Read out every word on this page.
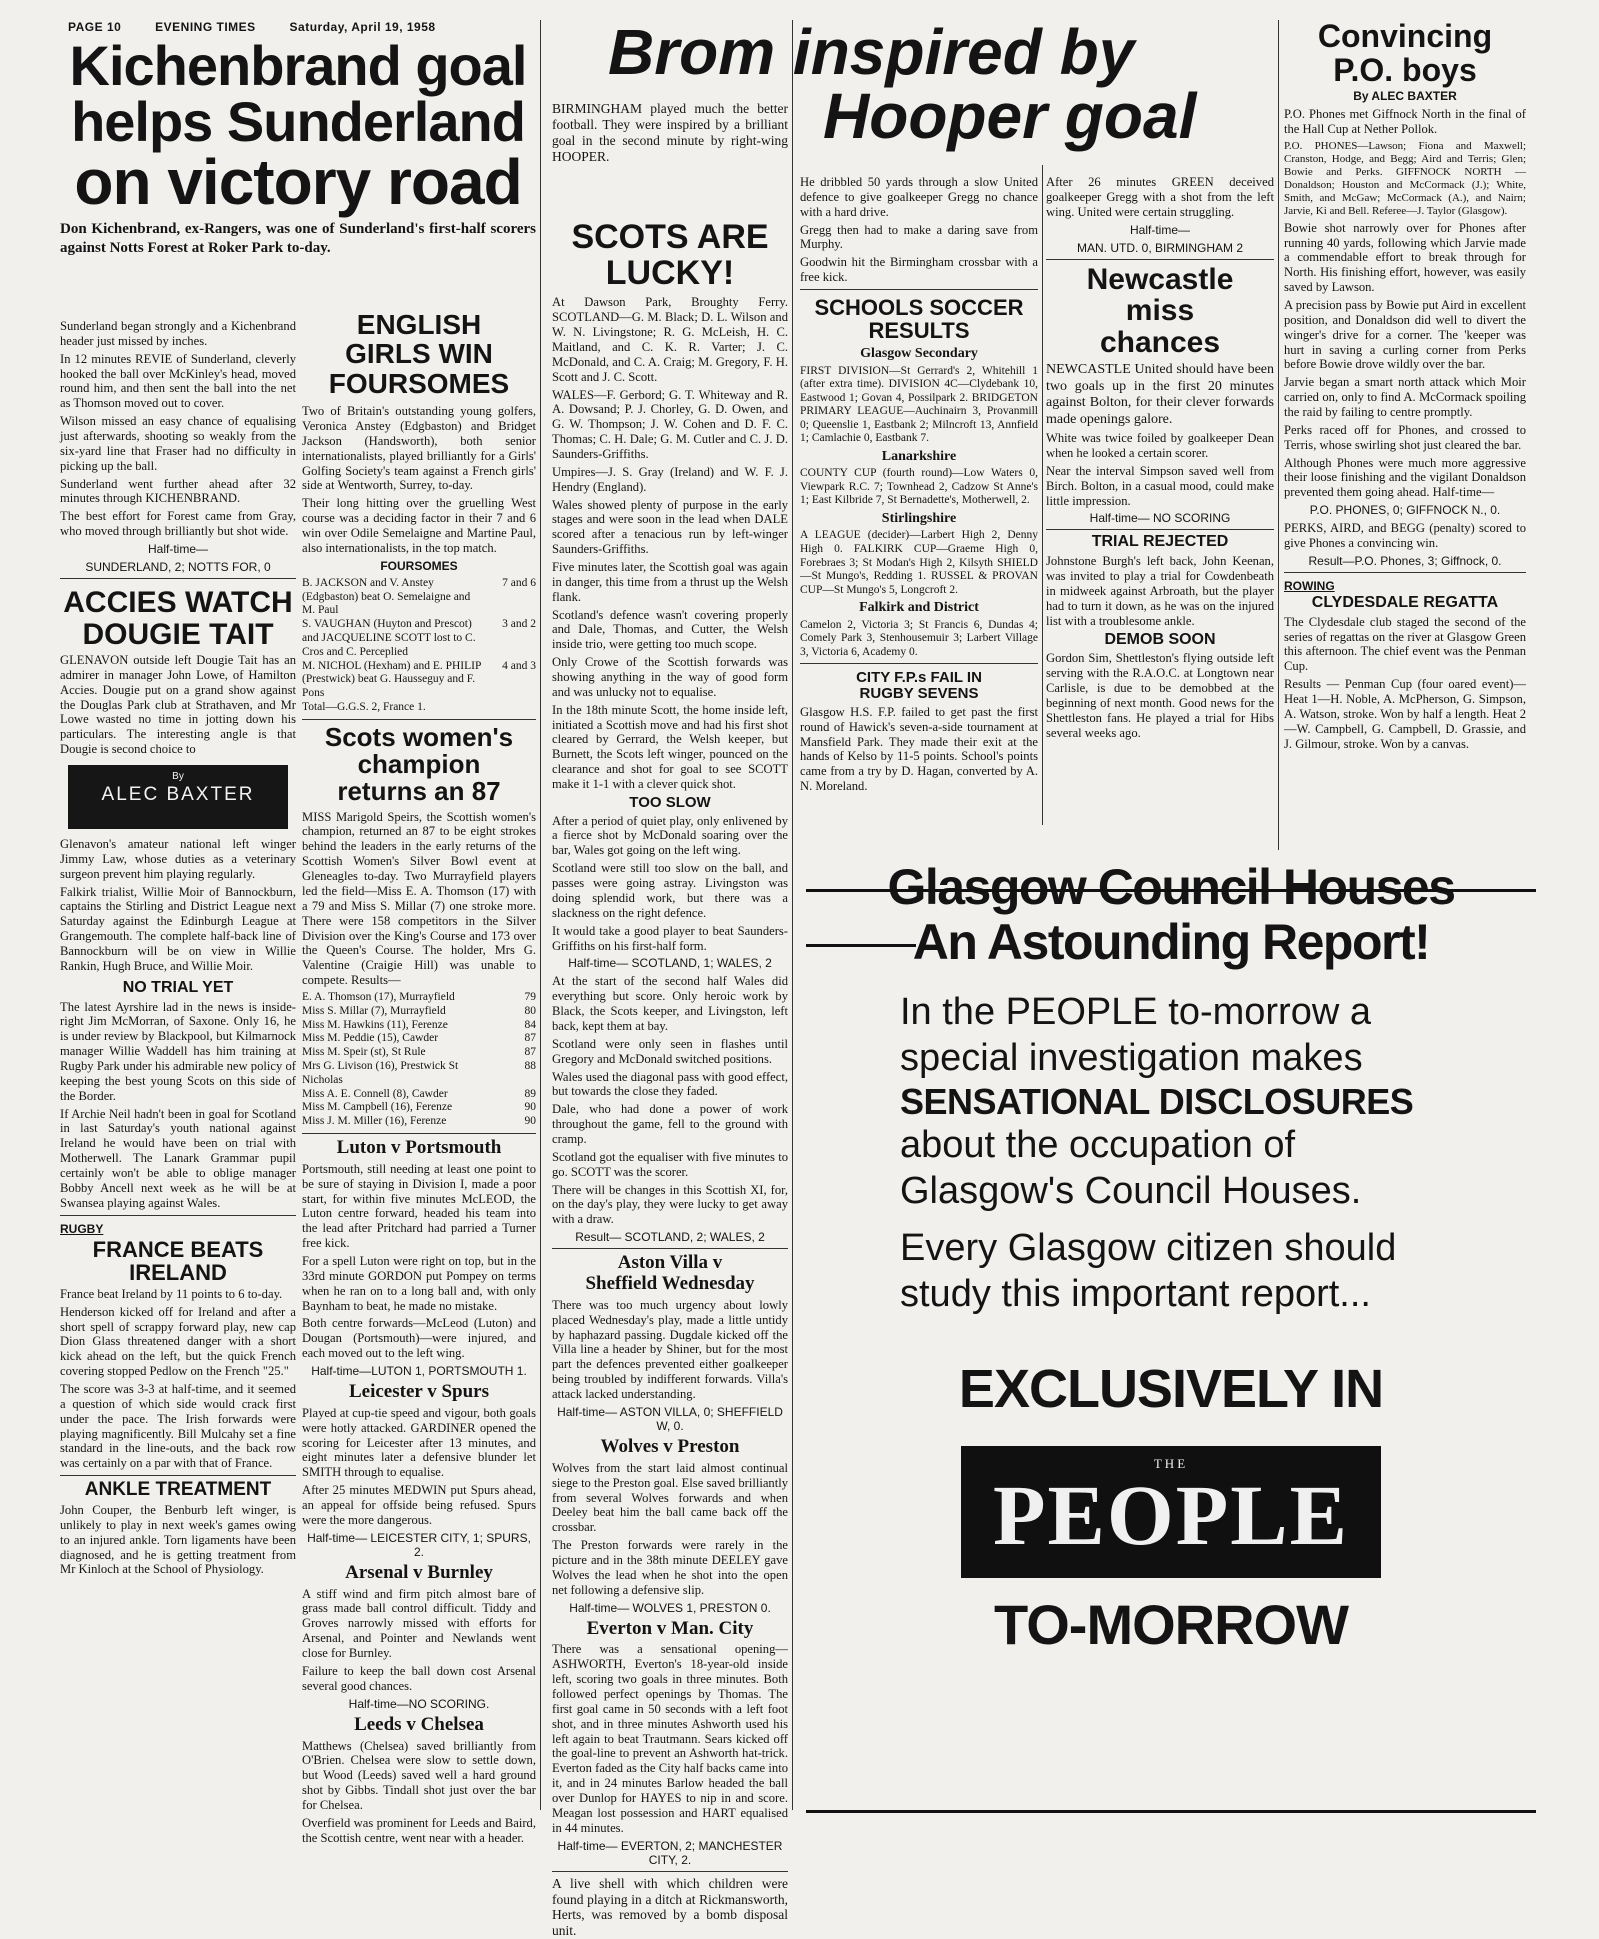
PAGE 10	EVENING TIMES	Saturday, April 19, 1958
Kichenbrand goal
helps Sunderland
on victory road
Don Kichenbrand, ex-Rangers, was one of Sunderland's first-half scorers against Notts Forest at Roker Park to-day.

Sunderland began strongly and a Kichenbrand header just missed by inches.

In 12 minutes REVIE of Sunderland, cleverly hooked the ball over McKinley's head, moved round him, and then sent the ball into the net as Thomson moved out to cover.

Wilson missed an easy chance of equalising just afterwards, shooting so weakly from the six-yard line that Fraser had no difficulty in picking up the ball.

Sunderland went further ahead after 32 minutes through KICHENBRAND.

The best effort for Forest came from Gray, who moved through brilliantly but shot wide.

Half-time—
SUNDERLAND, 2; NOTTS FOR, 0
ACCIES WATCH
DOUGIE TAIT

GLENAVON outside left Dougie Tait has an admirer in manager John Lowe, of Hamilton Accies. Dougie put on a grand show against the Douglas Park club at Strathaven, and Mr Lowe wasted no time in jotting down his particulars. The interesting angle is that Dougie is second choice to

By
ALEC BAXTER

Glenavon's amateur national left winger Jimmy Law, whose duties as a veterinary surgeon prevent him playing regularly.

Falkirk trialist, Willie Moir of Bannockburn, captains the Stirling and District League next Saturday against the Edinburgh League at Grangemouth. The complete half-back line of Bannockburn will be on view in Willie Rankin, Hugh Bruce, and Willie Moir.

NO TRIAL YET

The latest Ayrshire lad in the news is inside-right Jim McMorran, of Saxone. Only 16, he is under review by Blackpool, but Kilmarnock manager Willie Waddell has him training at Rugby Park under his admirable new policy of keeping the best young Scots on this side of the Border.

If Archie Neil hadn't been in goal for Scotland in last Saturday's youth national against Ireland he would have been on trial with Motherwell. The Lanark Grammar pupil certainly won't be able to oblige manager Bobby Ancell next week as he will be at Swansea playing against Wales.

RUGBY
FRANCE BEATS
IRELAND

France beat Ireland by 11 points to 6 to-day.

Henderson kicked off for Ireland and after a short spell of scrappy forward play, new cap Dion Glass threatened danger with a short kick ahead on the left, but the quick French covering stopped Pedlow on the French "25."

The score was 3-3 at half-time, and it seemed a question of which side would crack first under the pace. The Irish forwards were playing magnificently. Bill Mulcahy set a fine standard in the line-outs, and the back row was certainly on a par with that of France.

ANKLE TREATMENT

John Couper, the Benburb left winger, is unlikely to play in next week's games owing to an injured ankle. Torn ligaments have been diagnosed, and he is getting treatment from Mr Kinloch at the School of Physiology.

ENGLISH
GIRLS WIN
FOURSOMES

Two of Britain's outstanding young golfers, Veronica Anstey (Edgbaston) and Bridget Jackson (Handsworth), both senior internationalists, played brilliantly for a Girls' Golfing Society's team against a French girls' side at Wentworth, Surrey, to-day.

Their long hitting over the gruelling West course was a deciding factor in their 7 and 6 win over Odile Semelaigne and Martine Paul, also internationalists, in the top match.

FOURSOMES
B. JACKSON and V. Anstey (Edgbaston) beat O. Semelaigne and M. Paul
7 and 6
S. VAUGHAN (Huyton and Prescot) and JACQUELINE SCOTT lost to C. Cros and C. Perceplied
3 and 2
M. NICHOL (Hexham) and E. PHILIP (Prestwick) beat G. Hausseguy and F. Pons
4 and 3
Total—G.G.S. 2, France 1.
Scots women's
champion
returns an 87

MISS Marigold Speirs, the Scottish women's champion, returned an 87 to be eight strokes behind the leaders in the early returns of the Scottish Women's Silver Bowl event at Gleneagles to-day. Two Murrayfield players led the field—Miss E. A. Thomson (17) with a 79 and Miss S. Millar (7) one stroke more. There were 158 competitors in the Silver Division over the King's Course and 173 over the Queen's Course. The holder, Mrs G. Valentine (Craigie Hill) was unable to compete. Results—

E. A. Thomson (17), Murrayfield	79
Miss S. Millar (7), Murrayfield	80
Miss M. Hawkins (11), Ferenze	84
Miss M. Peddie (15), Cawder	87
Miss M. Speir (st), St Rule	87
Mrs G. Livison (16), Prestwick St Nicholas
88
Miss A. E. Connell (8), Cawder	89
Miss M. Campbell (16), Ferenze	90
Miss J. M. Miller (16), Ferenze	90
Luton v Portsmouth

Portsmouth, still needing at least one point to be sure of staying in Division I, made a poor start, for within five minutes McLEOD, the Luton centre forward, headed his team into the lead after Pritchard had parried a Turner free kick.

For a spell Luton were right on top, but in the 33rd minute GORDON put Pompey on terms when he ran on to a long ball and, with only Baynham to beat, he made no mistake.

Both centre forwards—McLeod (Luton) and Dougan (Portsmouth)—were injured, and each moved out to the left wing.

Half-time—LUTON 1, PORTSMOUTH 1.
Leicester v Spurs

Played at cup-tie speed and vigour, both goals were hotly attacked. GARDINER opened the scoring for Leicester after 13 minutes, and eight minutes later a defensive blunder let SMITH through to equalise.

After 25 minutes MEDWIN put Spurs ahead, an appeal for offside being refused. Spurs were the more dangerous.

Half-time— LEICESTER CITY, 1; SPURS, 2.
Arsenal v Burnley

A stiff wind and firm pitch almost bare of grass made ball control difficult. Tiddy and Groves narrowly missed with efforts for Arsenal, and Pointer and Newlands went close for Burnley.

Failure to keep the ball down cost Arsenal several good chances.

Half-time—NO SCORING.
Leeds v Chelsea

Matthews (Chelsea) saved brilliantly from O'Brien. Chelsea were slow to settle down, but Wood (Leeds) saved well a hard ground shot by Gibbs. Tindall shot just over the bar for Chelsea.

Overfield was prominent for Leeds and Baird, the Scottish centre, went near with a header.

Brom inspired by
Hooper goal

BIRMINGHAM played much the better football. They were inspired by a brilliant goal in the second minute by right-wing HOOPER.

SCOTS ARE
LUCKY!

At Dawson Park, Broughty Ferry. SCOTLAND—G. M. Black; D. L. Wilson and W. N. Livingstone; R. G. McLeish, H. C. Maitland, and C. K. R. Varter; J. C. McDonald, and C. A. Craig; M. Gregory, F. H. Scott and J. C. Scott.

WALES—F. Gerbord; G. T. Whiteway and R. A. Dowsand; P. J. Chorley, G. D. Owen, and G. W. Thompson; J. W. Cohen and D. F. C. Thomas; C. H. Dale; G. M. Cutler and C. J. D. Saunders-Griffiths.

Umpires—J. S. Gray (Ireland) and W. F. J. Hendry (England).

Wales showed plenty of purpose in the early stages and were soon in the lead when DALE scored after a tenacious run by left-winger Saunders-Griffiths.

Five minutes later, the Scottish goal was again in danger, this time from a thrust up the Welsh flank.

Scotland's defence wasn't covering properly and Dale, Thomas, and Cutter, the Welsh inside trio, were getting too much scope.

Only Crowe of the Scottish forwards was showing anything in the way of good form and was unlucky not to equalise.

In the 18th minute Scott, the home inside left, initiated a Scottish move and had his first shot cleared by Gerrard, the Welsh keeper, but Burnett, the Scots left winger, pounced on the clearance and shot for goal to see SCOTT make it 1-1 with a clever quick shot.

TOO SLOW

After a period of quiet play, only enlivened by a fierce shot by McDonald soaring over the bar, Wales got going on the left wing.

Scotland were still too slow on the ball, and passes were going astray. Livingston was doing splendid work, but there was a slackness on the right defence.

It would take a good player to beat Saunders-Griffiths on his first-half form.

Half-time— SCOTLAND, 1; WALES, 2

At the start of the second half Wales did everything but score. Only heroic work by Black, the Scots keeper, and Livingston, left back, kept them at bay.

Scotland were only seen in flashes until Gregory and McDonald switched positions.

Wales used the diagonal pass with good effect, but towards the close they faded.

Dale, who had done a power of work throughout the game, fell to the ground with cramp.

Scotland got the equaliser with five minutes to go. SCOTT was the scorer.

There will be changes in this Scottish XI, for, on the day's play, they were lucky to get away with a draw.

Result— SCOTLAND, 2; WALES, 2
Aston Villa v
Sheffield Wednesday

There was too much urgency about lowly placed Wednesday's play, made a little untidy by haphazard passing. Dugdale kicked off the Villa line a header by Shiner, but for the most part the defences prevented either goalkeeper being troubled by indifferent forwards. Villa's attack lacked understanding.

Half-time— ASTON VILLA, 0; SHEFFIELD W, 0.
Wolves v Preston

Wolves from the start laid almost continual siege to the Preston goal. Else saved brilliantly from several Wolves forwards and when Deeley beat him the ball came back off the crossbar.

The Preston forwards were rarely in the picture and in the 38th minute DEELEY gave Wolves the lead when he shot into the open net following a defensive slip.

Half-time— WOLVES 1, PRESTON 0.
Everton v Man. City

There was a sensational opening—ASHWORTH, Everton's 18-year-old inside left, scoring two goals in three minutes. Both followed perfect openings by Thomas. The first goal came in 50 seconds with a left foot shot, and in three minutes Ashworth used his left again to beat Trautmann. Sears kicked off the goal-line to prevent an Ashworth hat-trick. Everton faded as the City half backs came into it, and in 24 minutes Barlow headed the ball over Dunlop for HAYES to nip in and score. Meagan lost possession and HART equalised in 44 minutes.

Half-time— EVERTON, 2; MANCHESTER CITY, 2.

A live shell with which children were found playing in a ditch at Rickmansworth, Herts, was removed by a bomb disposal unit.

He dribbled 50 yards through a slow United defence to give goalkeeper Gregg no chance with a hard drive.

Gregg then had to make a daring save from Murphy.

Goodwin hit the Birmingham crossbar with a free kick.

SCHOOLS SOCCER
RESULTS
Glasgow Secondary

FIRST DIVISION—St Gerrard's 2, Whitehill 1 (after extra time). DIVISION 4C—Clydebank 10, Eastwood 1; Govan 4, Possilpark 2. BRIDGETON PRIMARY LEAGUE—Auchinairn 3, Provanmill 0; Queenslie 1, Eastbank 2; Milncroft 13, Annfield 1; Camlachie 0, Eastbank 7.

Lanarkshire

COUNTY CUP (fourth round)—Low Waters 0, Viewpark R.C. 7; Townhead 2, Cadzow St Anne's 1; East Kilbride 7, St Bernadette's, Motherwell, 2.

Stirlingshire

A LEAGUE (decider)—Larbert High 2, Denny High 0. FALKIRK CUP—Graeme High 0, Forebraes 3; St Modan's High 2, Kilsyth SHIELD—St Mungo's, Redding 1. RUSSEL & PROVAN CUP—St Mungo's 5, Longcroft 2.

Falkirk and District

Camelon 2, Victoria 3; St Francis 6, Dundas 4; Comely Park 3, Stenhousemuir 3; Larbert Village 3, Victoria 6, Academy 0.

CITY F.P.s FAIL IN
RUGBY SEVENS

Glasgow H.S. F.P. failed to get past the first round of Hawick's seven-a-side tournament at Mansfield Park. They made their exit at the hands of Kelso by 11-5 points. School's points came from a try by D. Hagan, converted by A. N. Moreland.

After 26 minutes GREEN deceived goalkeeper Gregg with a shot from the left wing. United were certain struggling.

Half-time—
MAN. UTD. 0, BIRMINGHAM 2
Newcastle
miss
chances

NEWCASTLE United should have been two goals up in the first 20 minutes against Bolton, for their clever forwards made openings galore.

White was twice foiled by goalkeeper Dean when he looked a certain scorer.

Near the interval Simpson saved well from Birch. Bolton, in a casual mood, could make little impression.

Half-time— NO SCORING
TRIAL REJECTED

Johnstone Burgh's left back, John Keenan, was invited to play a trial for Cowdenbeath in midweek against Arbroath, but the player had to turn it down, as he was on the injured list with a troublesome ankle.

DEMOB SOON

Gordon Sim, Shettleston's flying outside left serving with the R.A.O.C. at Longtown near Carlisle, is due to be demobbed at the beginning of next month. Good news for the Shettleston fans. He played a trial for Hibs several weeks ago.

Convincing
P.O. boys
By ALEC BAXTER

P.O. Phones met Giffnock North in the final of the Hall Cup at Nether Pollok.

P.O. PHONES—Lawson; Fiona and Maxwell; Cranston, Hodge, and Begg; Aird and Terris; Glen; Bowie and Perks. GIFFNOCK NORTH — Donaldson; Houston and McCormack (J.); White, Smith, and McGaw; McCormack (A.), and Nairn; Jarvie, Ki and Bell. Referee—J. Taylor (Glasgow).

Bowie shot narrowly over for Phones after running 40 yards, following which Jarvie made a commendable effort to break through for North. His finishing effort, however, was easily saved by Lawson.

A precision pass by Bowie put Aird in excellent position, and Donaldson did well to divert the winger's drive for a corner. The 'keeper was hurt in saving a curling corner from Perks before Bowie drove wildly over the bar.

Jarvie began a smart north attack which Moir carried on, only to find A. McCormack spoiling the raid by failing to centre promptly.

Perks raced off for Phones, and crossed to Terris, whose swirling shot just cleared the bar.

Although Phones were much more aggressive their loose finishing and the vigilant Donaldson prevented them going ahead. Half-time—

P.O. PHONES, 0; GIFFNOCK N., 0.

PERKS, AIRD, and BEGG (penalty) scored to give Phones a convincing win.

Result—P.O. Phones, 3; Giffnock, 0.
ROWING
CLYDESDALE REGATTA

The Clydesdale club staged the second of the series of regattas on the river at Glasgow Green this afternoon. The chief event was the Penman Cup.

Results — Penman Cup (four oared event)—Heat 1—H. Noble, A. McPherson, G. Simpson, A. Watson, stroke. Won by half a length. Heat 2—W. Campbell, G. Campbell, D. Grassie, and J. Gilmour, stroke. Won by a canvas.

Glasgow Council Houses
An Astounding Report!
In the PEOPLE to-morrow a
special investigation makes
SENSATIONAL DISCLOSURES
about the occupation of
Glasgow's Council Houses.
Every Glasgow citizen should
study this important report...
EXCLUSIVELY IN
THE
PEOPLE
TO-MORROW
